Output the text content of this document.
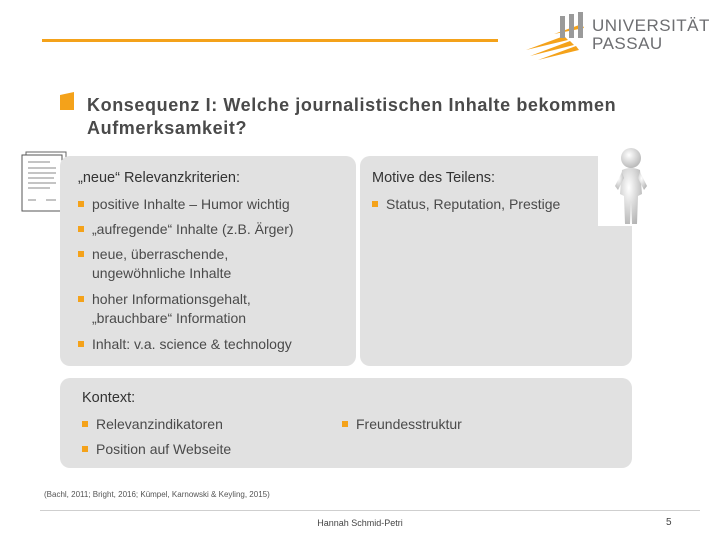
UNIVERSITÄT
PASSAU
Konsequenz I: Welche journalistischen Inhalte bekommen Aufmerksamkeit?
„neue“ Relevanzkriterien:
positive Inhalte – Humor wichtig
„aufregende“ Inhalte (z.B. Ärger)
neue, überraschende, ungewöhnliche Inhalte
hoher Informationsgehalt, „brauchbare“ Information
Inhalt: v.a. science & technology
Motive des Teilens:
Status, Reputation, Prestige
Kontext:
Relevanzindikatoren
Position auf Webseite
Freundesstruktur
(Bachl, 2011; Bright, 2016; Kümpel, Karnowski & Keyling, 2015)
Hannah Schmid-Petri	5
